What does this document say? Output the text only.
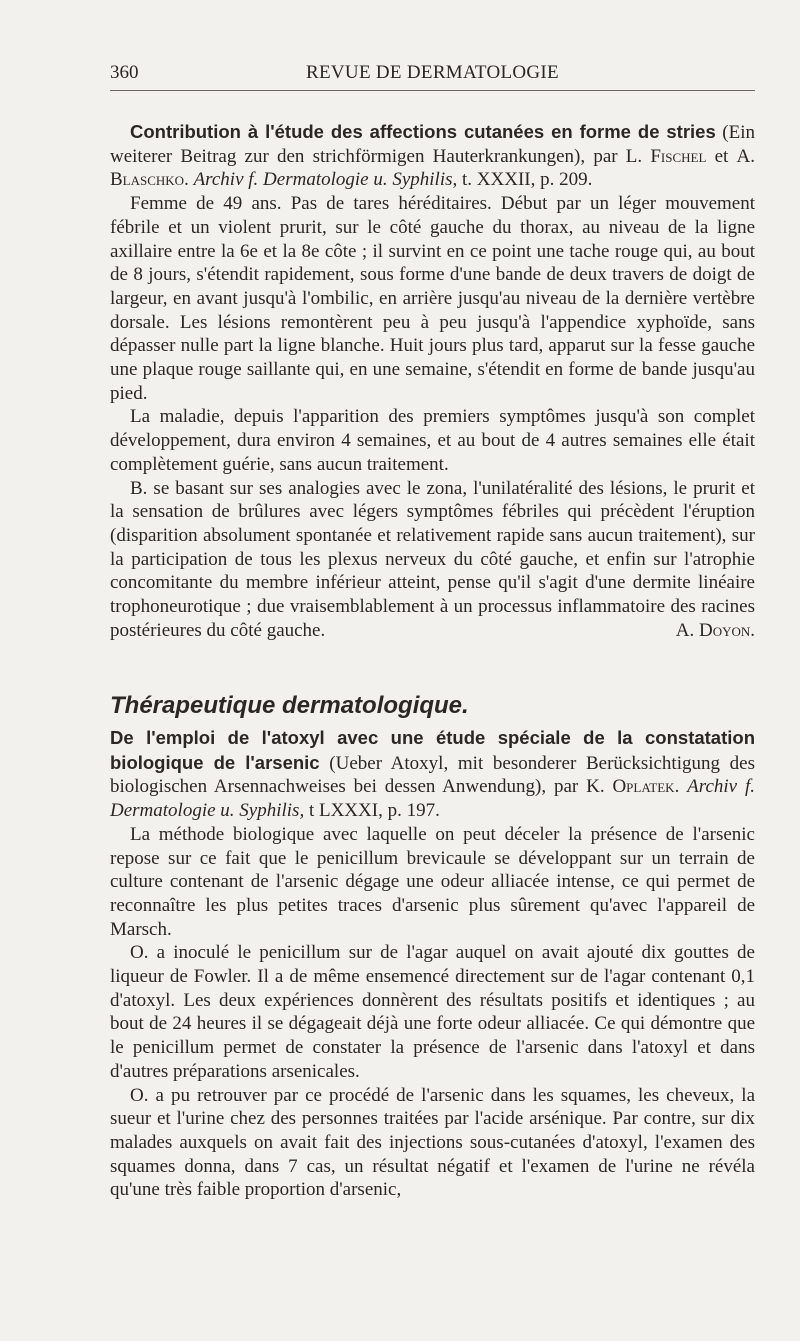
360	REVUE DE DERMATOLOGIE

Contribution à l'étude des affections cutanées en forme de stries (Ein weiterer Beitrag zur den strichförmigen Hauterkrankungen), par L. Fischel et A. Blaschko. Archiv f. Dermatologie u. Syphilis, t. XXXII, p. 209.

Femme de 49 ans. Pas de tares héréditaires. Début par un léger mouvement fébrile et un violent prurit, sur le côté gauche du thorax, au niveau de la ligne axillaire entre la 6e et la 8e côte ; il survint en ce point une tache rouge qui, au bout de 8 jours, s'étendit rapidement, sous forme d'une bande de deux travers de doigt de largeur, en avant jusqu'à l'ombilic, en arrière jusqu'au niveau de la dernière vertèbre dorsale. Les lésions remontèrent peu à peu jusqu'à l'appendice xyphoïde, sans dépasser nulle part la ligne blanche. Huit jours plus tard, apparut sur la fesse gauche une plaque rouge saillante qui, en une semaine, s'étendit en forme de bande jusqu'au pied.

La maladie, depuis l'apparition des premiers symptômes jusqu'à son complet développement, dura environ 4 semaines, et au bout de 4 autres semaines elle était complètement guérie, sans aucun traitement.

B. se basant sur ses analogies avec le zona, l'unilatéralité des lésions, le prurit et la sensation de brûlures avec légers symptômes fébriles qui précèdent l'éruption (disparition absolument spontanée et relativement rapide sans aucun traitement), sur la participation de tous les plexus nerveux du côté gauche, et enfin sur l'atrophie concomitante du membre inférieur atteint, pense qu'il s'agit d'une dermite linéaire trophoneurotique ; due vraisemblablement à un processus inflammatoire des racines postérieures du côté gauche.	A. Doyon.

Thérapeutique dermatologique.

De l'emploi de l'atoxyl avec une étude spéciale de la constatation biologique de l'arsenic (Ueber Atoxyl, mit besonderer Berücksichtigung des biologischen Arsennachweises bei dessen Anwendung), par K. Oplatek. Archiv f. Dermatologie u. Syphilis, t LXXXI, p. 197.

La méthode biologique avec laquelle on peut déceler la présence de l'arsenic repose sur ce fait que le penicillum brevicaule se développant sur un terrain de culture contenant de l'arsenic dégage une odeur alliacée intense, ce qui permet de reconnaître les plus petites traces d'arsenic plus sûrement qu'avec l'appareil de Marsch.

O. a inoculé le penicillum sur de l'agar auquel on avait ajouté dix gouttes de liqueur de Fowler. Il a de même ensemencé directement sur de l'agar contenant 0,1 d'atoxyl. Les deux expériences donnèrent des résultats positifs et identiques ; au bout de 24 heures il se dégageait déjà une forte odeur alliacée. Ce qui démontre que le penicillum permet de constater la présence de l'arsenic dans l'atoxyl et dans d'autres préparations arsenicales.

O. a pu retrouver par ce procédé de l'arsenic dans les squames, les cheveux, la sueur et l'urine chez des personnes traitées par l'acide arsénique. Par contre, sur dix malades auxquels on avait fait des injections sous-cutanées d'atoxyl, l'examen des squames donna, dans 7 cas, un résultat négatif et l'examen de l'urine ne révéla qu'une très faible proportion d'arsenic,
